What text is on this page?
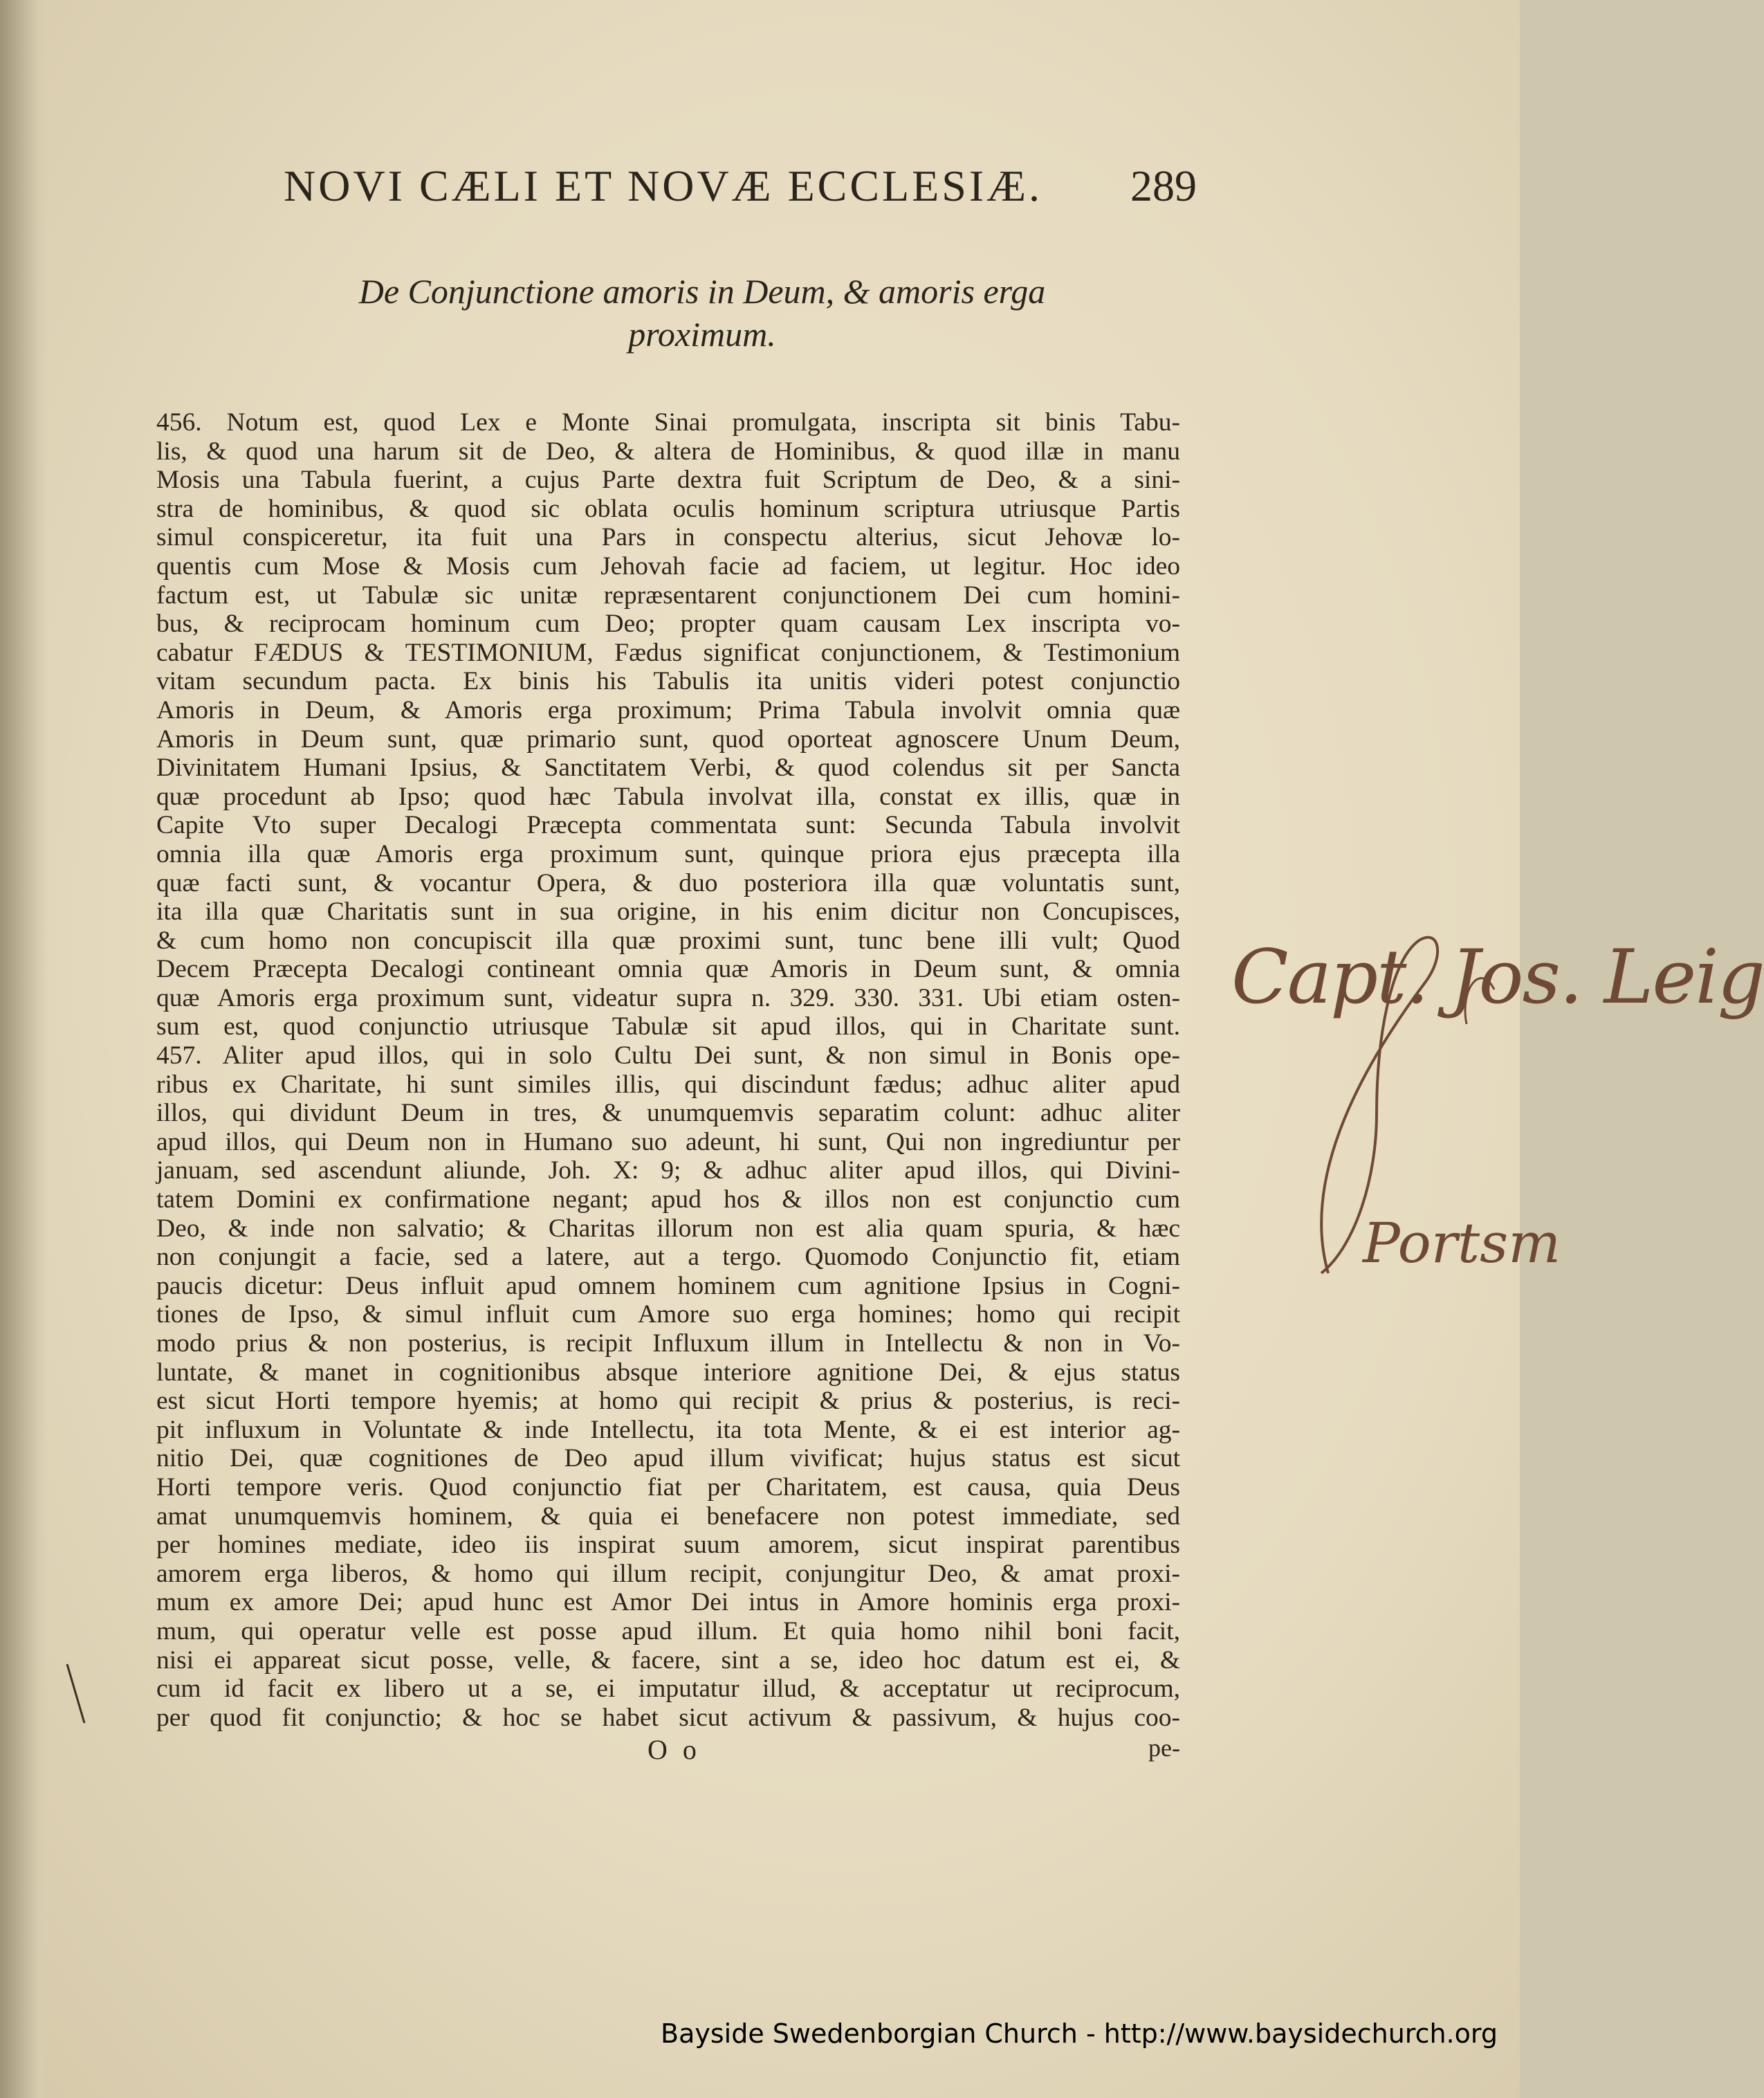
NOVI CÆLI ET NOVÆ ECCLESIÆ. 289
De Conjunctione amoris in Deum, & amoris erga
proximum.
456. Notum est, quod Lex e Monte Sinai promulgata, inscripta sit binis Tabu-
lis, & quod una harum sit de Deo, & altera de Hominibus, & quod illæ in manu
Mosis una Tabula fuerint, a cujus Parte dextra fuit Scriptum de Deo, & a sini-
stra de hominibus, & quod sic oblata oculis hominum scriptura utriusque Partis
simul conspiceretur, ita fuit una Pars in conspectu alterius, sicut Jehovæ lo-
quentis cum Mose & Mosis cum Jehovah facie ad faciem, ut legitur. Hoc ideo
factum est, ut Tabulæ sic unitæ repræsentarent conjunctionem Dei cum homini-
bus, & reciprocam hominum cum Deo; propter quam causam Lex inscripta vo-
cabatur FÆDUS & TESTIMONIUM, Fædus significat conjunctionem, & Testimonium
vitam secundum pacta. Ex binis his Tabulis ita unitis videri potest conjunctio
Amoris in Deum, & Amoris erga proximum; Prima Tabula involvit omnia quæ
Amoris in Deum sunt, quæ primario sunt, quod oporteat agnoscere Unum Deum,
Divinitatem Humani Ipsius, & Sanctitatem Verbi, & quod colendus sit per Sancta
quæ procedunt ab Ipso; quod hæc Tabula involvat illa, constat ex illis, quæ in
Capite Vto super Decalogi Præcepta commentata sunt: Secunda Tabula involvit
omnia illa quæ Amoris erga proximum sunt, quinque priora ejus præcepta illa
quæ facti sunt, & vocantur Opera, & duo posteriora illa quæ voluntatis sunt,
ita illa quæ Charitatis sunt in sua origine, in his enim dicitur non Concupisces,
& cum homo non concupiscit illa quæ proximi sunt, tunc bene illi vult; Quod
Decem Præcepta Decalogi contineant omnia quæ Amoris in Deum sunt, & omnia
quæ Amoris erga proximum sunt, videatur supra n. 329. 330. 331. Ubi etiam osten-
sum est, quod conjunctio utriusque Tabulæ sit apud illos, qui in Charitate sunt.
457. Aliter apud illos, qui in solo Cultu Dei sunt, & non simul in Bonis ope-
ribus ex Charitate, hi sunt similes illis, qui discindunt fædus; adhuc aliter apud
illos, qui dividunt Deum in tres, & unumquemvis separatim colunt: adhuc aliter
apud illos, qui Deum non in Humano suo adeunt, hi sunt, Qui non ingrediuntur per
januam, sed ascendunt aliunde, Joh. X: 9; & adhuc aliter apud illos, qui Divini-
tatem Domini ex confirmatione negant; apud hos & illos non est conjunctio cum
Deo, & inde non salvatio; & Charitas illorum non est alia quam spuria, & hæc
non conjungit a facie, sed a latere, aut a tergo. Quomodo Conjunctio fit, etiam
paucis dicetur: Deus influit apud omnem hominem cum agnitione Ipsius in Cogni-
tiones de Ipso, & simul influit cum Amore suo erga homines; homo qui recipit
modo prius & non posterius, is recipit Influxum illum in Intellectu & non in Vo-
luntate, & manet in cognitionibus absque interiore agnitione Dei, & ejus status
est sicut Horti tempore hyemis; at homo qui recipit & prius & posterius, is reci-
pit influxum in Voluntate & inde Intellectu, ita tota Mente, & ei est interior ag-
nitio Dei, quæ cognitiones de Deo apud illum vivificat; hujus status est sicut
Horti tempore veris. Quod conjunctio fiat per Charitatem, est causa, quia Deus
amat unumquemvis hominem, & quia ei benefacere non potest immediate, sed
per homines mediate, ideo iis inspirat suum amorem, sicut inspirat parentibus
amorem erga liberos, & homo qui illum recipit, conjungitur Deo, & amat proxi-
mum ex amore Dei; apud hunc est Amor Dei intus in Amore hominis erga proxi-
mum, qui operatur velle est posse apud illum. Et quia homo nihil boni facit,
nisi ei appareat sicut posse, velle, & facere, sint a se, ideo hoc datum est ei, &
cum id facit ex libero ut a se, ei imputatur illud, & acceptatur ut reciprocum,
per quod fit conjunctio; & hoc se habet sicut activum & passivum, & hujus coo-
O o	pe-
Capt. Jos. Leig
Portsm
Bayside Swedenborgian Church - http://www.baysidechurch.org
